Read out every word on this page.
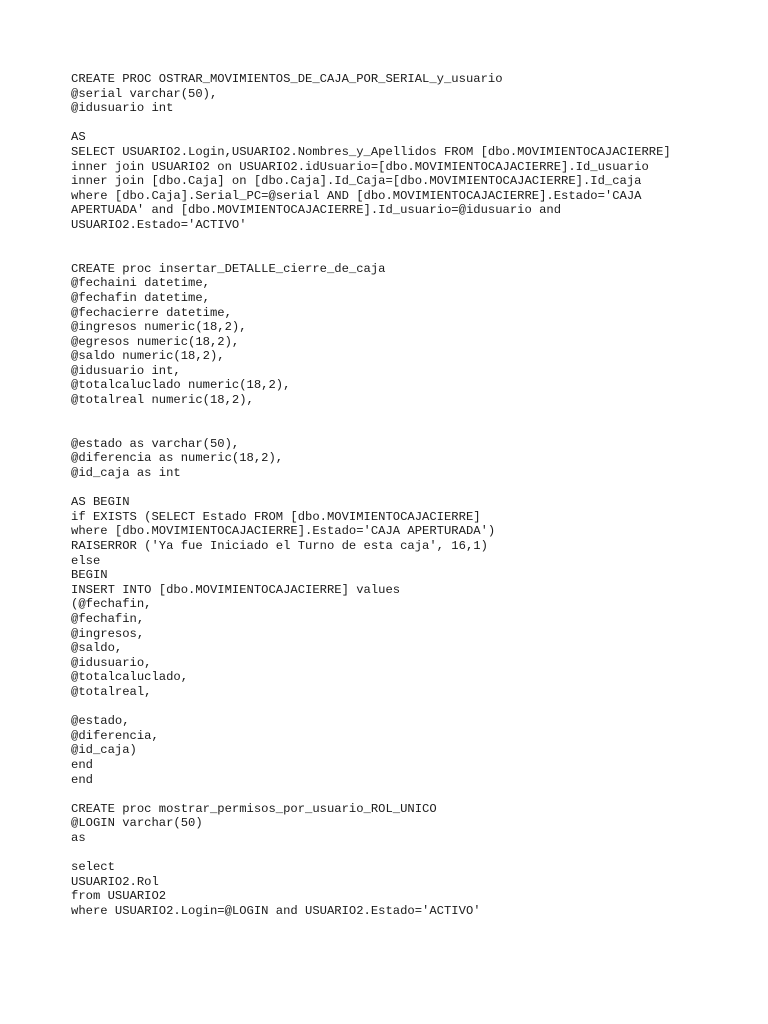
CREATE PROC OSTRAR_MOVIMIENTOS_DE_CAJA_POR_SERIAL_y_usuario
@serial varchar(50),
@idusuario int
AS
SELECT USUARIO2.Login,USUARIO2.Nombres_y_Apellidos FROM [dbo.MOVIMIENTOCAJACIERRE]
inner join USUARIO2 on USUARIO2.idUsuario=[dbo.MOVIMIENTOCAJACIERRE].Id_usuario
inner join [dbo.Caja] on [dbo.Caja].Id_Caja=[dbo.MOVIMIENTOCAJACIERRE].Id_caja
where [dbo.Caja].Serial_PC=@serial AND [dbo.MOVIMIENTOCAJACIERRE].Estado='CAJA
APERTUADA' and [dbo.MOVIMIENTOCAJACIERRE].Id_usuario=@idusuario and
USUARIO2.Estado='ACTIVO'
CREATE proc insertar_DETALLE_cierre_de_caja
@fechaini datetime,
@fechafin datetime,
@fechacierre datetime,
@ingresos numeric(18,2),
@egresos numeric(18,2),
@saldo numeric(18,2),
@idusuario int,
@totalcaluclado numeric(18,2),
@totalreal numeric(18,2),
@estado as varchar(50),
@diferencia as numeric(18,2),
@id_caja as int
AS BEGIN
if EXISTS (SELECT Estado FROM [dbo.MOVIMIENTOCAJACIERRE]
where [dbo.MOVIMIENTOCAJACIERRE].Estado='CAJA APERTURADA')
RAISERROR ('Ya fue Iniciado el Turno de esta caja', 16,1)
else
BEGIN
INSERT INTO [dbo.MOVIMIENTOCAJACIERRE] values
(@fechafin,
@fechafin,
@ingresos,
@saldo,
@idusuario,
@totalcaluclado,
@totalreal,
@estado,
@diferencia,
@id_caja)
end
end
CREATE proc mostrar_permisos_por_usuario_ROL_UNICO
@LOGIN varchar(50)
as
select
USUARIO2.Rol
from USUARIO2
where USUARIO2.Login=@LOGIN and USUARIO2.Estado='ACTIVO'
